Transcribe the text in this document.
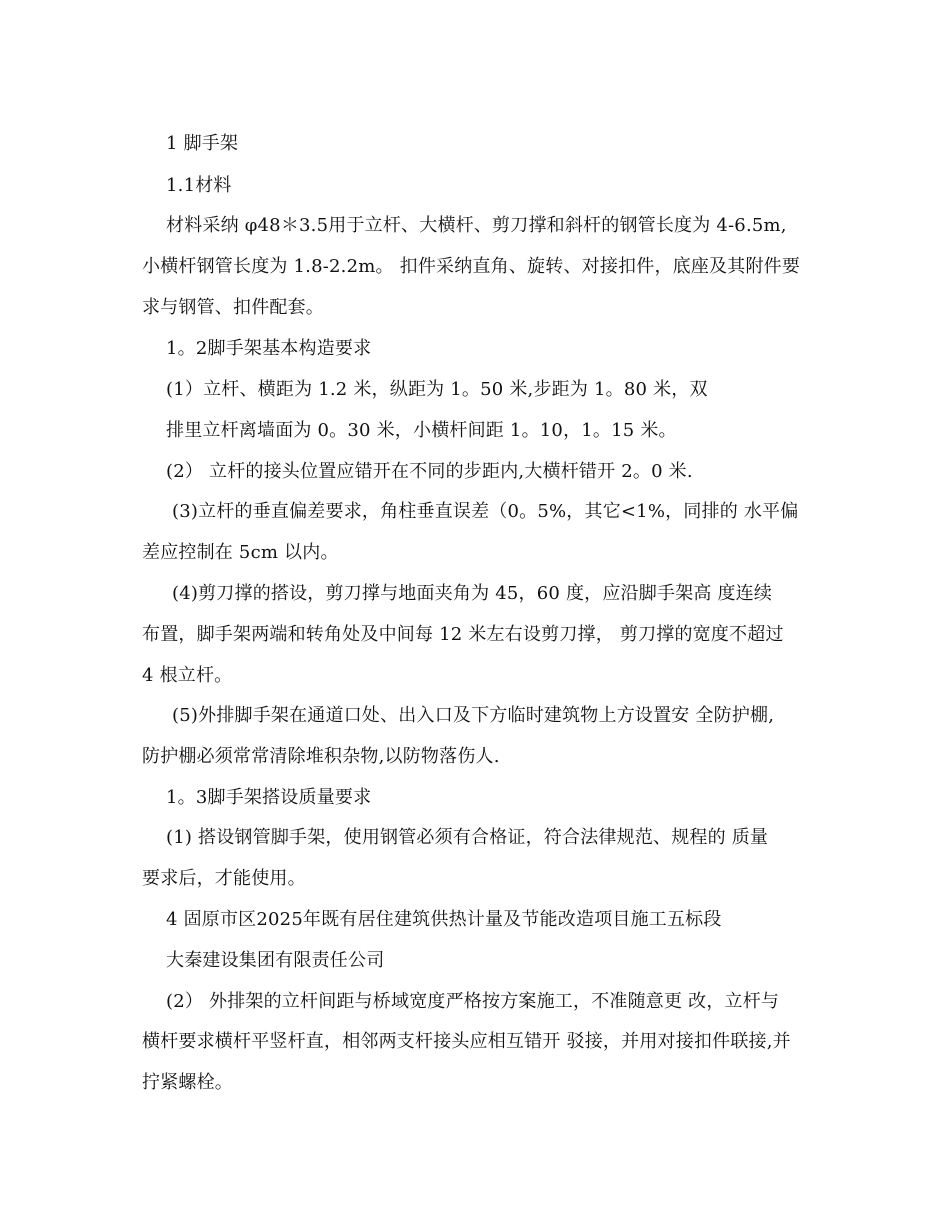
1 脚手架
1.1材料
材料采纳 φ48＊3.5用于立杆、大横杆、剪刀撑和斜杆的钢管长度为 4-6.5m,
小横杆钢管长度为 1.8-2.2m。 扣件采纳直角、旋转、对接扣件，底座及其附件要
求与钢管、扣件配套。
1。2脚手架基本构造要求
(1）立杆、横距为 1.2 米，纵距为 1。50 米,步距为 1。80 米，双
排里立杆离墙面为 0。30 米，小横杆间距 1。10，1。15 米。
(2） 立杆的接头位置应错开在不同的步距内,大横杆错开 2。0 米.
(3)立杆的垂直偏差要求，角柱垂直误差（0。5%，其它<1%，同排的 水平偏
差应控制在 5cm 以内。
(4)剪刀撑的搭设，剪刀撑与地面夹角为 45，60 度，应沿脚手架高 度连续
布置，脚手架两端和转角处及中间每 12 米左右设剪刀撑， 剪刀撑的宽度不超过
4 根立杆。
(5)外排脚手架在通道口处、出入口及下方临时建筑物上方设置安 全防护棚,
防护棚必须常常清除堆积杂物,以防物落伤人.
1。3脚手架搭设质量要求
(1) 搭设钢管脚手架，使用钢管必须有合格证，符合法律规范、规程的 质量
要求后，才能使用。
4 固原市区2025年既有居住建筑供热计量及节能改造项目施工五标段
大秦建设集团有限责任公司
(2） 外排架的立杆间距与桥域宽度严格按方案施工，不准随意更 改，立杆与
横杆要求横杆平竖杆直，相邻两支杆接头应相互错开 驳接，并用对接扣件联接,并
拧紧螺栓。
